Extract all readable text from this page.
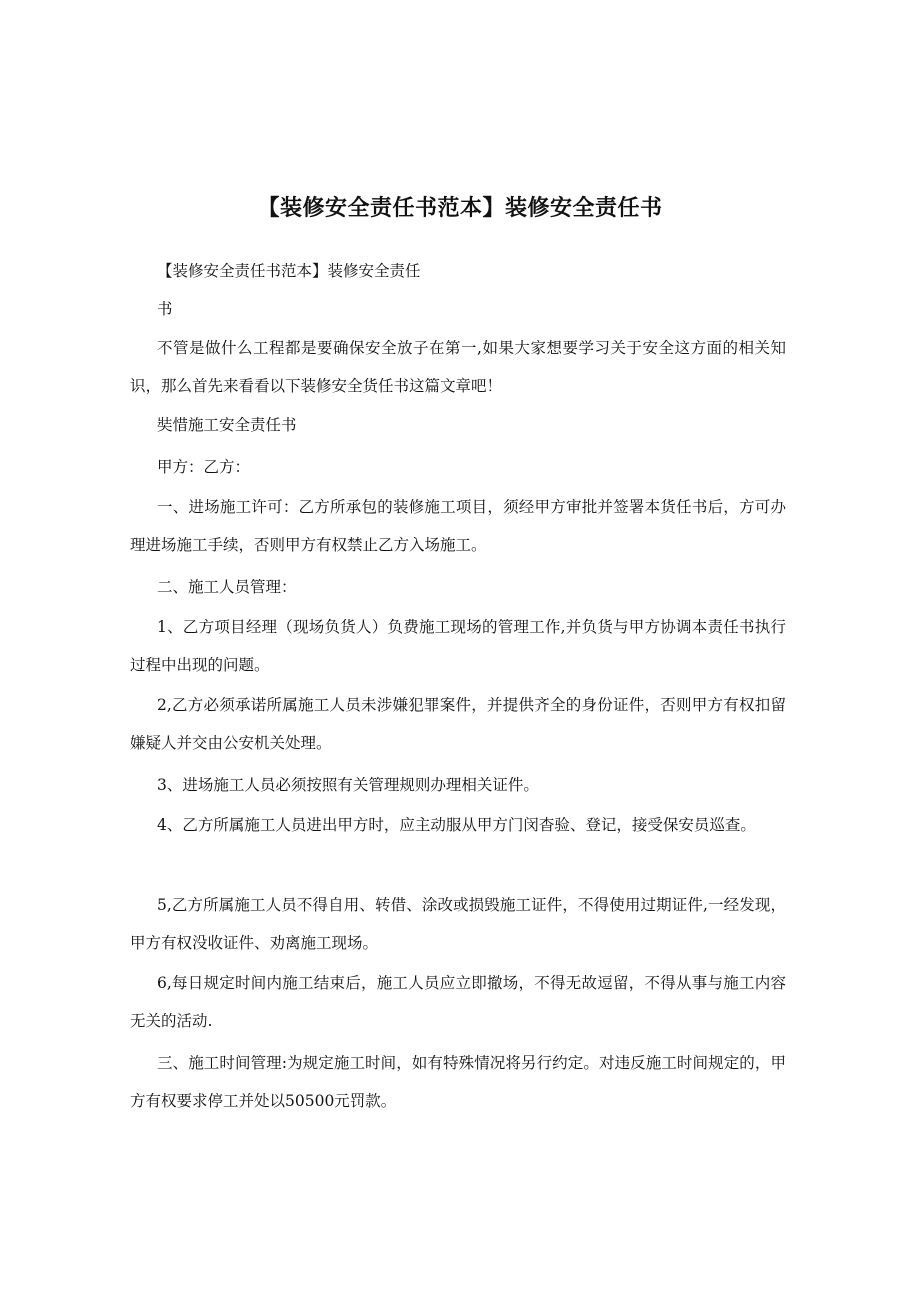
【装修安全责任书范本】装修安全责任书

【装修安全责任书范本】装修安全责任

书

不管是做什么工程都是要确保安全放子在第一,如果大家想要学习关于安全这方面的相关知识，那么首先来看看以下装修安全货任书这篇文章吧！

奘惜施工安全责任书

甲方：乙方：

一、进场施工许可：乙方所承包的装修施工项目，须经甲方审批并签署本货任书后，方可办理进场施工手续，否则甲方有权禁止乙方入场施工。

二、施工人员管理：

1、乙方项目经理（现场负货人）负费施工现场的管理工作,并负货与甲方协调本责任书执行过程中出现的问题。

2,乙方必须承诺所属施工人员未涉嫌犯罪案件，并提供齐全的身份证件，否则甲方有权扣留嫌疑人并交由公安机关处理。

3、进场施工人员必须按照有关管理规则办理相关证件。

4、乙方所属施工人员进出甲方时，应主动服从甲方门闵杳验、登记，接受保安员巡查。

5,乙方所属施工人员不得自用、转借、涂改或损毁施工证件，不得使用过期证件,一经发现，甲方有权没收证件、劝离施工现场。

6,每日规定时间内施工结束后，施工人员应立即撤场，不得无故逗留，不得从事与施工内容无关的活动.

三、施工时间管理:为规定施工时间，如有特殊情况将另行约定。对违反施工时间规定的，甲方有权要求停工并处以50500元罚款。
